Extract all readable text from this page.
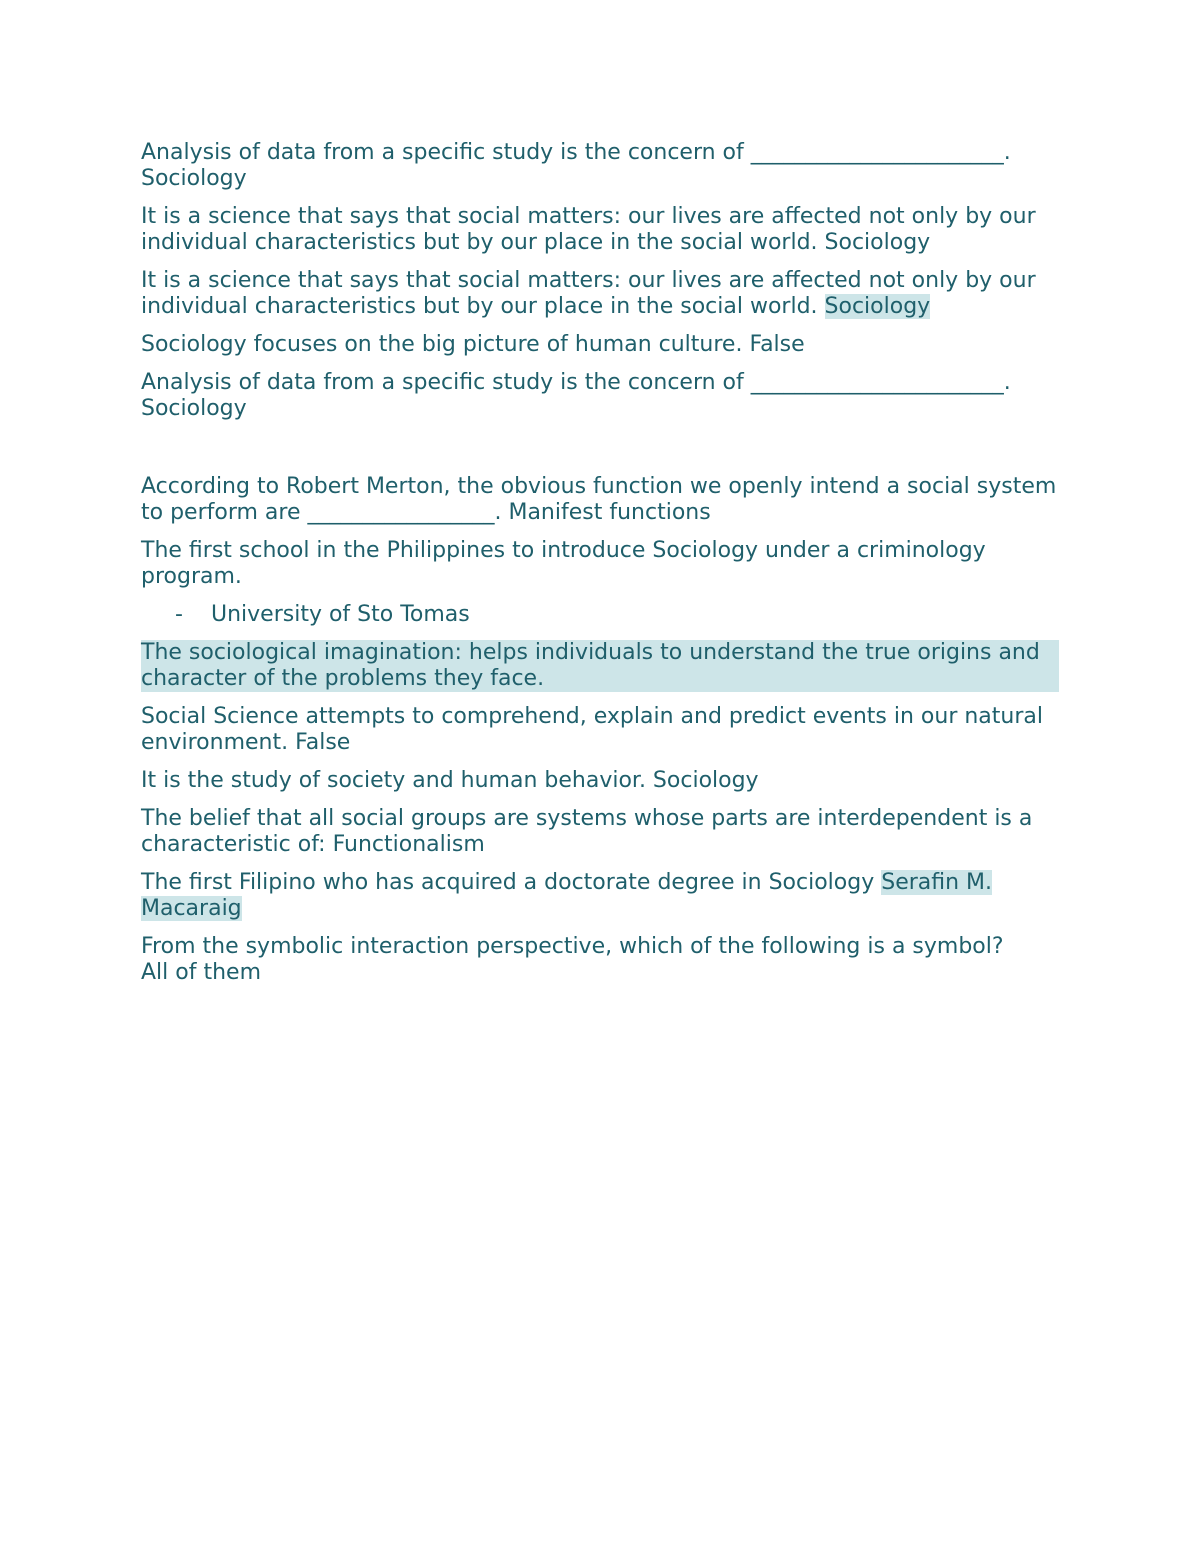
Analysis of data from a specific study is the concern of _______________________.
Sociology

It is a science that says that social matters: our lives are affected not only by our individual characteristics but by our place in the social world. Sociology

It is a science that says that social matters: our lives are affected not only by our individual characteristics but by our place in the social world. Sociology

Sociology focuses on the big picture of human culture. False

Analysis of data from a specific study is the concern of _______________________.
Sociology

According to Robert Merton, the obvious function we openly intend a social system to perform are _________________. Manifest functions

The first school in the Philippines to introduce Sociology under a criminology program.

-	University of Sto Tomas

The sociological imagination: helps individuals to understand the true origins and character of the problems they face.

Social Science attempts to comprehend, explain and predict events in our natural environment. False

It is the study of society and human behavior. Sociology

The belief that all social groups are systems whose parts are interdependent is a characteristic of: Functionalism

The first Filipino who has acquired a doctorate degree in Sociology Serafin M. Macaraig

From the symbolic interaction perspective, which of the following is a symbol?
All of them
